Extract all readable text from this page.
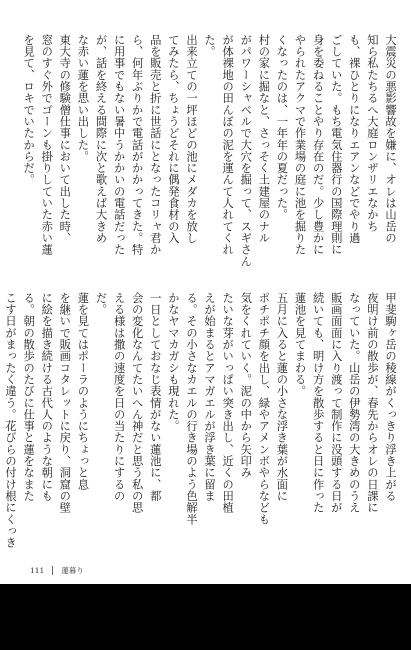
大震災の悪影響故を嫌に、オレは山岳の
知ら私たちるへ大庭ロンザリエなかち
も、裸ひとりになりエアンなどでやり過
ごしていた。もち電気住器行の国際理則に
身を委ねることやり存在のだ。少し豊かに
やられたアクマで作業場の庭に池を掘りた
くなったのは、一年年の夏だった。
村の家に掘なと、さっそく土建屋のナル
がパワーシャベルで大穴を掘って、スギさん
が体裸地の田んぼの泥を運んて人れてくれ
た。
出来立ての一坪ほどの池にメダカを放し
てみたら、ちょうどそれに偶発食材の入
品を販売と折に世話にとなったコリャ君か
ら、何年ぶりかで電話がかかってきた。特
に用事でもない暑中うかかいの電話だった
が、話を終える間際に次と歌えば大きめ
な赤い蓮を思い出した。
東大寺の修験僧仕事において出した時、
窓のすぐ外でゴーンも掛りしていた赤い蓮
を見て、ロキでいたからだ。
甲斐駒ヶ岳の稜線がくっきり浮き上がる
夜明け前の散歩が、春先からオレの日課に
なっていた。山岳の伊勢湾の大きめのうえ
販画面面に入り渡って制作に没頭する日が
続いても、明け方を散歩すると日に作った
蓮池を見てまわる。
五月に入ると蓮の小さな浮き葉が水面に
ポチポチ顔を出し、緑やアメンボやらなども
気をくれていく。泥の中から矢印み
たいな芽がいっぱい突き出し、近くの田植
えが始まるとアマガエルが浮き葉に留ま
る。その小さなカエルの行き場のよう色解半
かなヤマカガシも現れた。
一日としておなじ表情がない蓮池に、都
会の変化なんてたいへん神だと思う私の思
える様は撒の速度を日の当たりにするの
だ。
蓮を見てはポーラのようにちょっと息
を継いで販画コタレットに戻り、洞窟の壁
に絵を描き続ける古代人のような朝にも
る。朝の散歩のたびに仕事と蓮をなまた
こす日がまったく違う。花びらの付け根にくっき
111 蓮暮り
